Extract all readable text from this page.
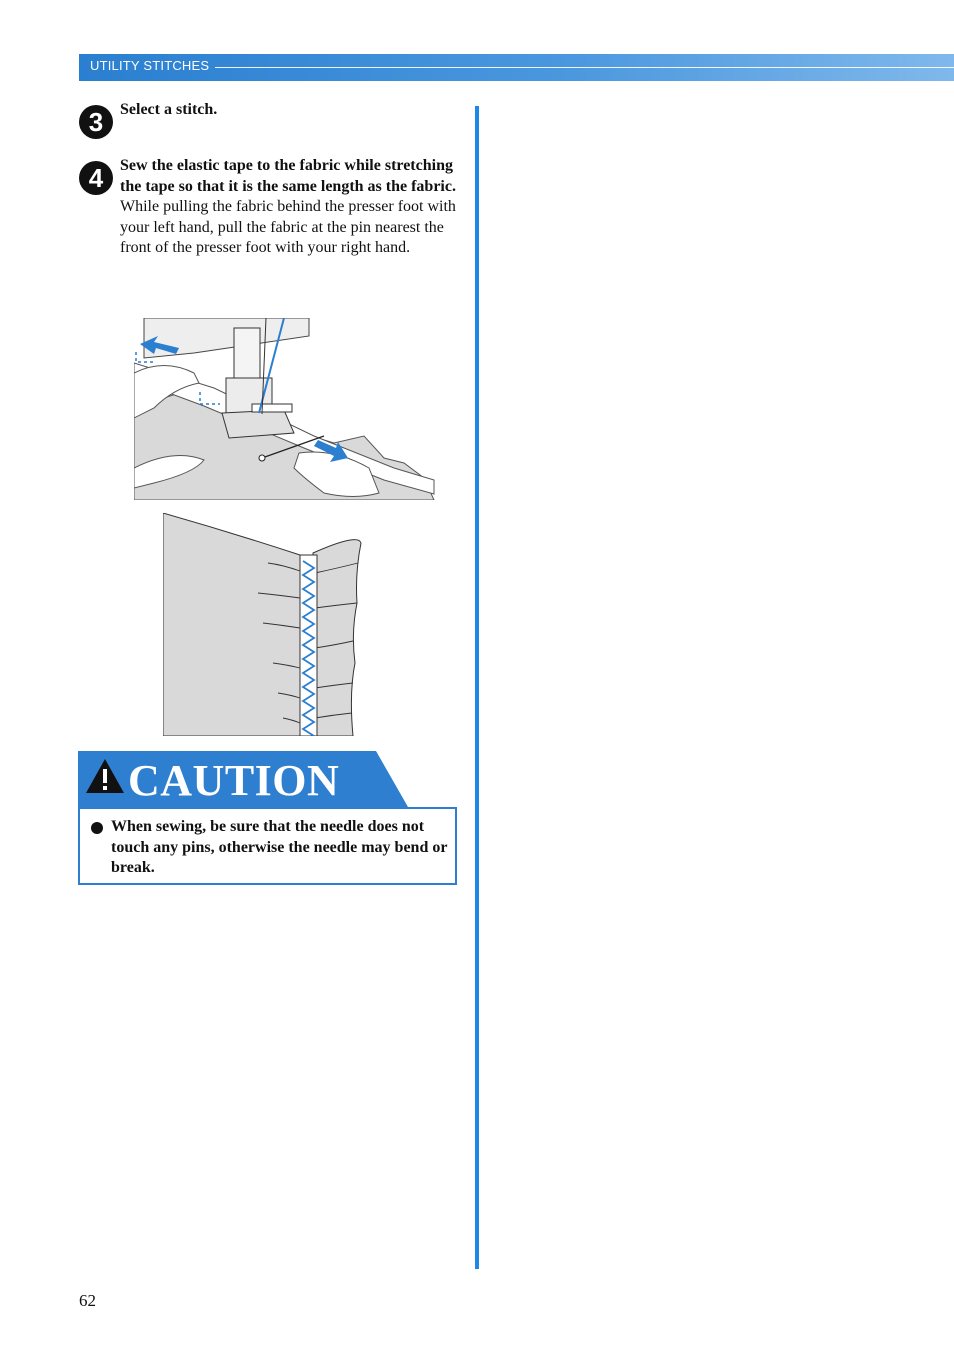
UTILITY STITCHES
3	Select a stitch.
4	Sew the elastic tape to the fabric while stretching the tape so that it is the same length as the fabric.
While pulling the fabric behind the presser foot with your left hand, pull the fabric at the pin nearest the front of the presser foot with your right hand.
CAUTION
When sewing, be sure that the needle does not touch any pins, otherwise the needle may bend or break.
62
